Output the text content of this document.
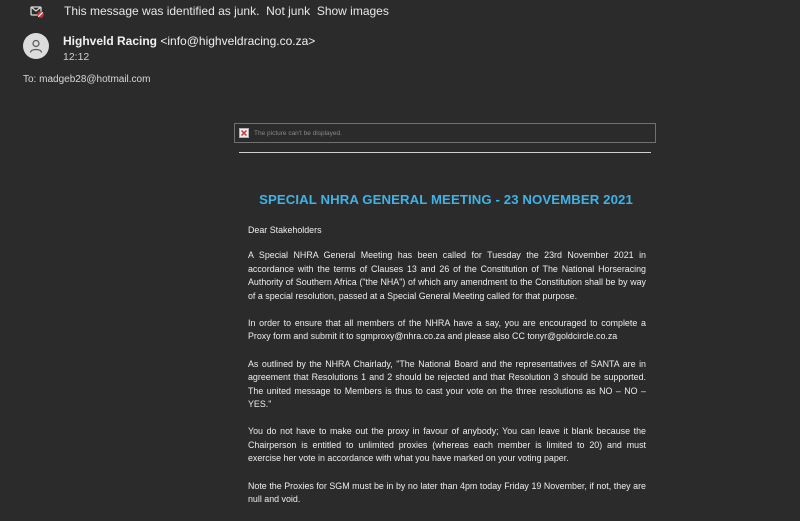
This message was identified as junk. Not junk Show images
Highveld Racing <info@highveldracing.co.za>
12:12
To: madgeb28@hotmail.com
The picture can't be displayed.
SPECIAL NHRA GENERAL MEETING - 23 NOVEMBER 2021

Dear Stakeholders

A Special NHRA General Meeting has been called for Tuesday the 23rd November 2021 in accordance with the terms of Clauses 13 and 26 of the Constitution of The National Horseracing Authority of Southern Africa ("the NHA") of which any amendment to the Constitution shall be by way of a special resolution, passed at a Special General Meeting called for that purpose.

In order to ensure that all members of the NHRA have a say, you are encouraged to complete a Proxy form and submit it to sgmproxy@nhra.co.za and please also CC tonyr@goldcircle.co.za

As outlined by the NHRA Chairlady, "The National Board and the representatives of SANTA are in agreement that Resolutions 1 and 2 should be rejected and that Resolution 3 should be supported. The united message to Members is thus to cast your vote on the three resolutions as NO – NO – YES."

You do not have to make out the proxy in favour of anybody; You can leave it blank because the Chairperson is entitled to unlimited proxies (whereas each member is limited to 20) and must exercise her vote in accordance with what you have marked on your voting paper.

Note the Proxies for SGM must be in by no later than 4pm today Friday 19 November, if not, they are null and void.
